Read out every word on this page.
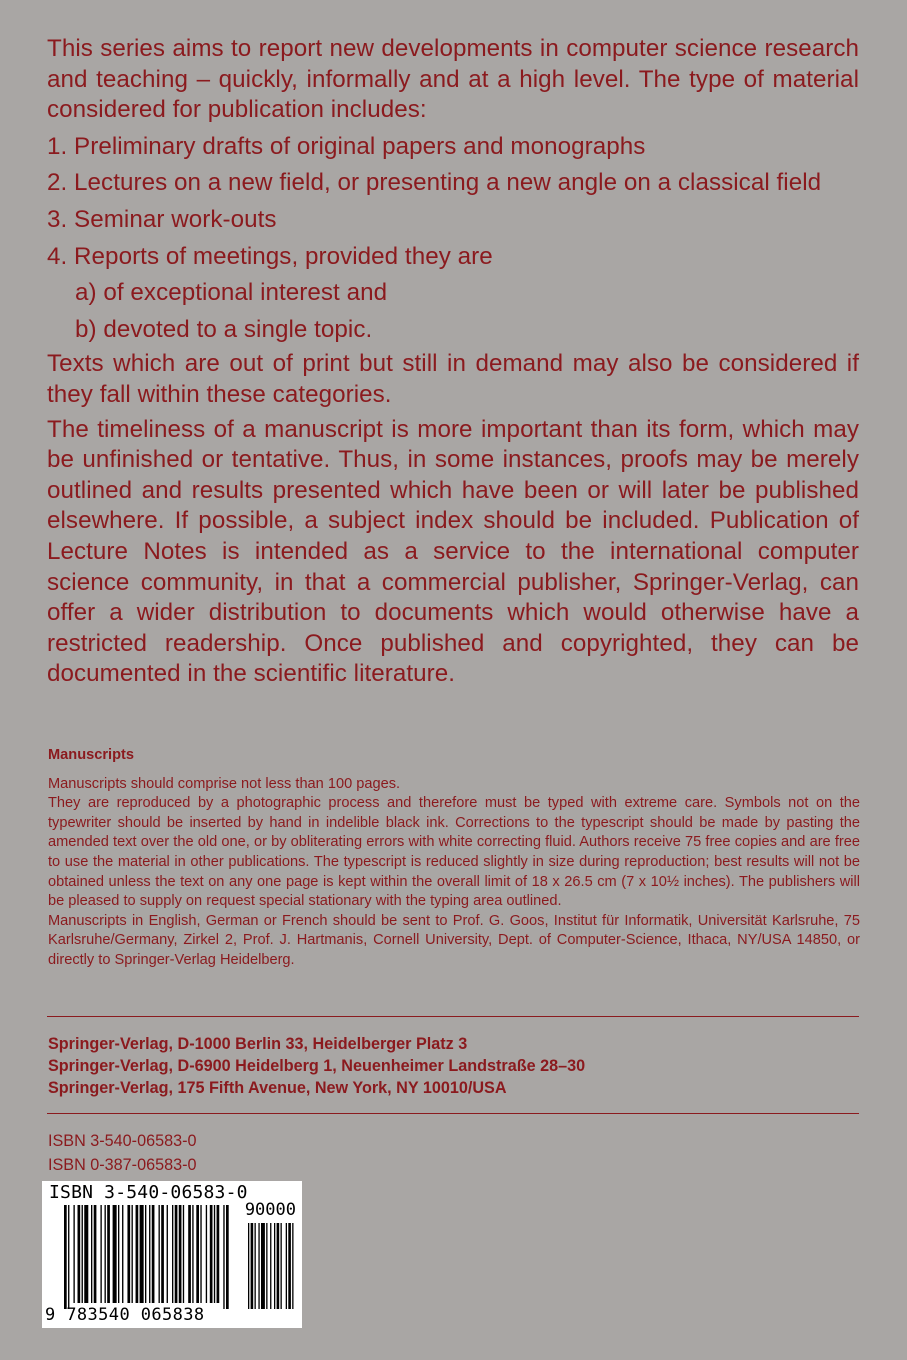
This series aims to report new developments in computer science research and teaching – quickly, informally and at a high level. The type of material considered for publication includes:

1. Preliminary drafts of original papers and monographs

2. Lectures on a new field, or presenting a new angle on a classical field

3. Seminar work-outs

4. Reports of meetings, provided they are

a) of exceptional interest and

b) devoted to a single topic.

Texts which are out of print but still in demand may also be considered if they fall within these categories.

The timeliness of a manuscript is more important than its form, which may be unfinished or tentative. Thus, in some instances, proofs may be merely outlined and results presented which have been or will later be published elsewhere. If possible, a subject index should be included. Publication of Lecture Notes is intended as a service to the international computer science community, in that a commercial publisher, Springer-Verlag, can offer a wider distribution to documents which would otherwise have a restricted readership. Once published and copyrighted, they can be documented in the scientific literature.

Manuscripts

Manuscripts should comprise not less than 100 pages.

They are reproduced by a photographic process and therefore must be typed with extreme care. Symbols not on the typewriter should be inserted by hand in indelible black ink. Corrections to the typescript should be made by pasting the amended text over the old one, or by obliterating errors with white correcting fluid. Authors receive 75 free copies and are free to use the material in other publications. The typescript is reduced slightly in size during reproduction; best results will not be obtained unless the text on any one page is kept within the overall limit of 18 x 26.5 cm (7 x 10½ inches). The publishers will be pleased to supply on request special stationary with the typing area outlined.

Manuscripts in English, German or French should be sent to Prof. G. Goos, Institut für Informatik, Universität Karlsruhe, 75 Karlsruhe/Germany, Zirkel 2, Prof. J. Hartmanis, Cornell University, Dept. of Computer-Science, Ithaca, NY/USA 14850, or directly to Springer-Verlag Heidelberg.

Springer-Verlag, D-1000 Berlin 33, Heidelberger Platz 3
Springer-Verlag, D-6900 Heidelberg 1, Neuenheimer Landstraße 28–30
Springer-Verlag, 175 Fifth Avenue, New York, NY 10010/USA
ISBN 3-540-06583-0
ISBN 0-387-06583-0
ISBN 3-540-06583-0
90000
9 783540 065838
